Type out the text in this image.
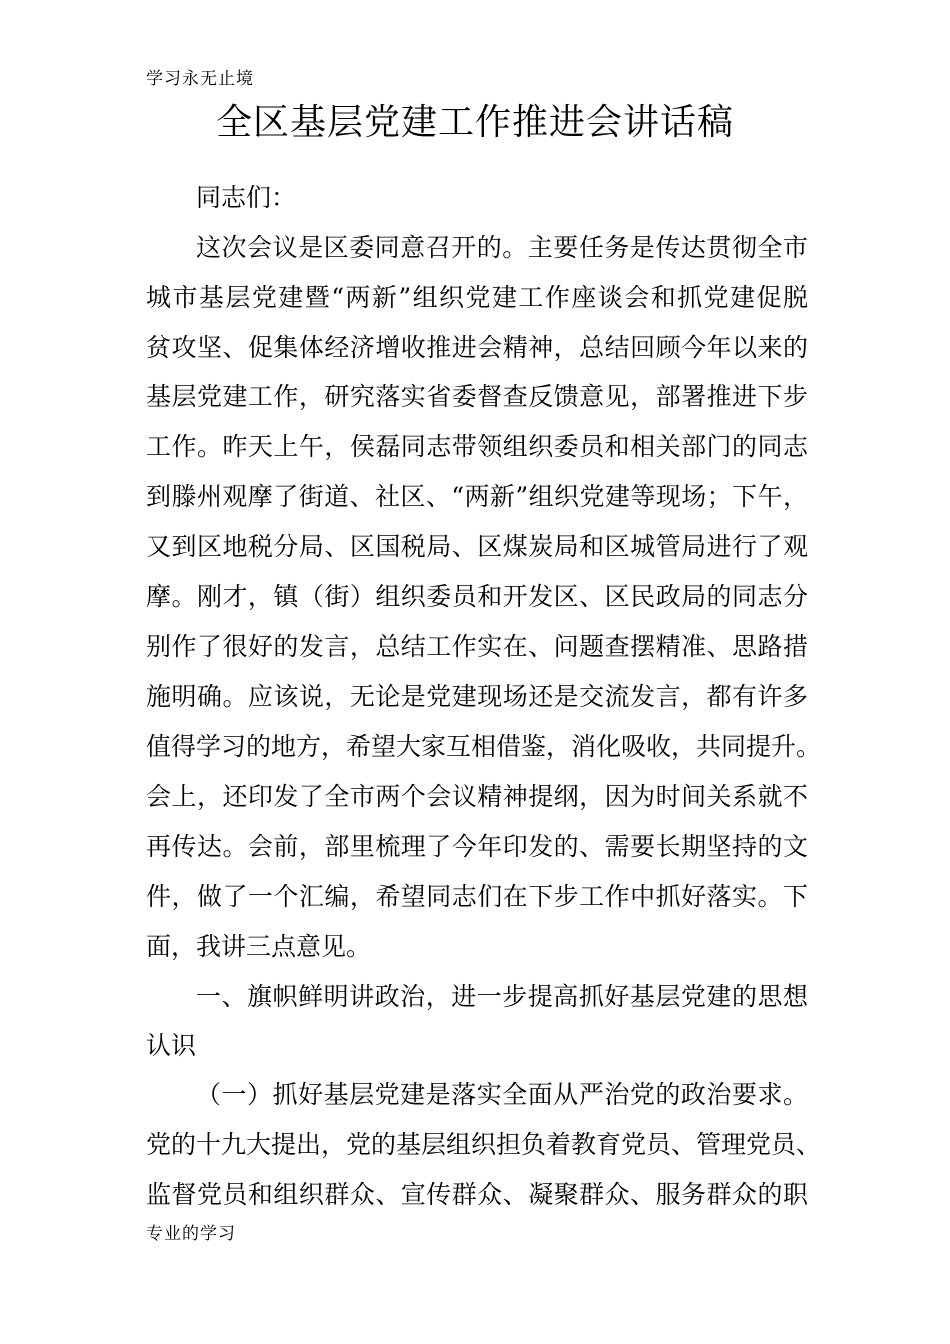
学习永无止境
全区基层党建工作推进会讲话稿
同志们：
这次会议是区委同意召开的。主要任务是传达贯彻全市
城市基层党建暨“两新”组织党建工作座谈会和抓党建促脱
贫攻坚、促集体经济增收推进会精神，总结回顾今年以来的
基层党建工作，研究落实省委督查反馈意见，部署推进下步
工作。昨天上午，侯磊同志带领组织委员和相关部门的同志
到滕州观摩了街道、社区、“两新”组织党建等现场；下午，
又到区地税分局、区国税局、区煤炭局和区城管局进行了观
摩。刚才，镇（街）组织委员和开发区、区民政局的同志分
别作了很好的发言，总结工作实在、问题查摆精准、思路措
施明确。应该说，无论是党建现场还是交流发言，都有许多
值得学习的地方，希望大家互相借鉴，消化吸收，共同提升。
会上，还印发了全市两个会议精神提纲，因为时间关系就不
再传达。会前，部里梳理了今年印发的、需要长期坚持的文
件，做了一个汇编，希望同志们在下步工作中抓好落实。下
面，我讲三点意见。
一、旗帜鲜明讲政治，进一步提高抓好基层党建的思想
认识
（一）抓好基层党建是落实全面从严治党的政治要求。
党的十九大提出，党的基层组织担负着教育党员、管理党员、
监督党员和组织群众、宣传群众、凝聚群众、服务群众的职
专业的学习
